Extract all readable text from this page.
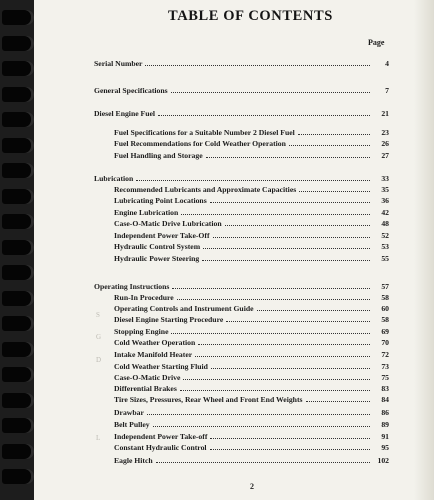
TABLE OF CONTENTS
Page
S
G
D
L
Serial Number	4
General Specifications	7
Diesel Engine Fuel	21
Fuel Specifications for a Suitable Number 2 Diesel Fuel	23
Fuel Recommendations for Cold Weather Operation	26
Fuel Handling and Storage	27
Lubrication	33
Recommended Lubricants and Approximate Capacities	35
Lubricating Point Locations	36
Engine Lubrication	42
Case-O-Matic Drive Lubrication	48
Independent Power Take-Off	52
Hydraulic Control System	53
Hydraulic Power Steering	55
Operating Instructions	57
Run-In Procedure	58
Operating Controls and Instrument Guide	60
Diesel Engine Starting Procedure	58
Stopping Engine	69
Cold Weather Operation	70
Intake Manifold Heater	72
Cold Weather Starting Fluid	73
Case-O-Matic Drive	75
Differential Brakes	83
Tire Sizes, Pressures, Rear Wheel and Front End Weights	84
Drawbar	86
Belt Pulley	89
Independent Power Take-off	91
Constant Hydraulic Control	95
Eagle Hitch	102
2
